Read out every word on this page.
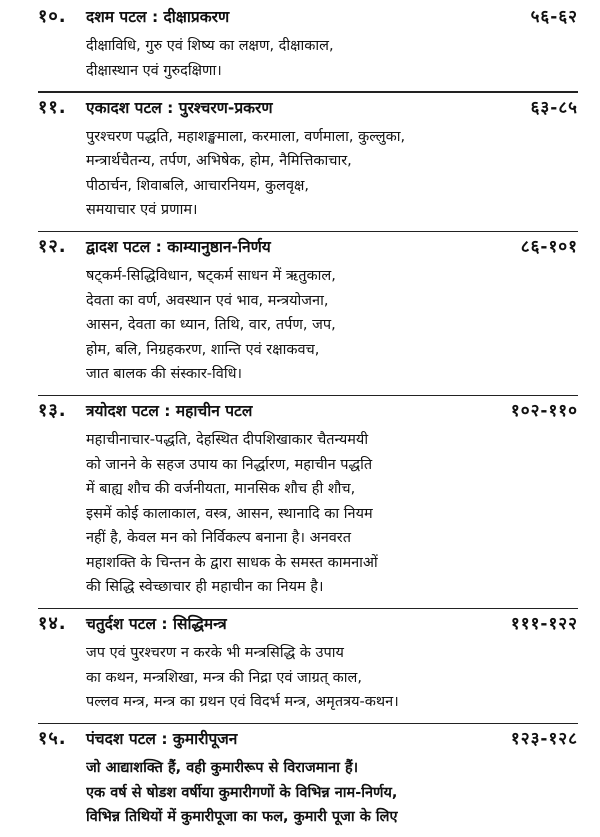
१०. दशम पटल : दीक्षाप्रकरण	५६-६२
दीक्षाविधि, गुरु एवं शिष्य का लक्षण, दीक्षाकाल,
दीक्षास्थान एवं गुरुदक्षिणा।
११. एकादश पटल : पुरश्चरण-प्रकरण	६३-८५
पुरश्चरण पद्धति, महाशङ्खमाला, करमाला, वर्णमाला, कुल्लुका,
मन्त्रार्थचैतन्य, तर्पण, अभिषेक, होम, नैमित्तिकाचार,
पीठार्चन, शिवाबलि, आचारनियम, कुलवृक्ष,
समयाचार एवं प्रणाम।
१२. द्वादश पटल : काम्यानुष्ठान-निर्णय	८६-१०१
षट्कर्म-सिद्धिविधान, षट्कर्म साधन में ऋतुकाल,
देवता का वर्ण, अवस्थान एवं भाव, मन्त्रयोजना,
आसन, देवता का ध्यान, तिथि, वार, तर्पण, जप,
होम, बलि, निग्रहकरण, शान्ति एवं रक्षाकवच,
जात बालक की संस्कार-विधि।
१३. त्रयोदश पटल : महाचीन पटल	१०२-११०
महाचीनाचार-पद्धति, देहस्थित दीपशिखाकार चैतन्यमयी
को जानने के सहज उपाय का निर्द्धारण, महाचीन पद्धति
में बाह्य शौच की वर्जनीयता, मानसिक शौच ही शौच,
इसमें कोई कालाकाल, वस्त्र, आसन, स्थानादि का नियम
नहीं है, केवल मन को निर्विकल्प बनाना है। अनवरत
महाशक्ति के चिन्तन के द्वारा साधक के समस्त कामनाओं
की सिद्धि स्वेच्छाचार ही महाचीन का नियम है।
१४. चतुर्दश पटल : सिद्धिमन्त्र	१११-१२२
जप एवं पुरश्चरण न करके भी मन्त्रसिद्धि के उपाय
का कथन, मन्त्रशिखा, मन्त्र की निद्रा एवं जाग्रत् काल,
पल्लव मन्त्र, मन्त्र का ग्रथन एवं विदर्भ मन्त्र, अमृतत्रय-कथन।
१५. पंचदश पटल : कुमारीपूजन	१२३-१२८
जो आद्याशक्ति हैं, वही कुमारीरूप से विराजमाना हैं।
एक वर्ष से षोडश वर्षीया कुमारीगणों के विभिन्न नाम-निर्णय,
विभिन्न तिथियों में कुमारीपूजा का फल, कुमारी पूजा के लिए
